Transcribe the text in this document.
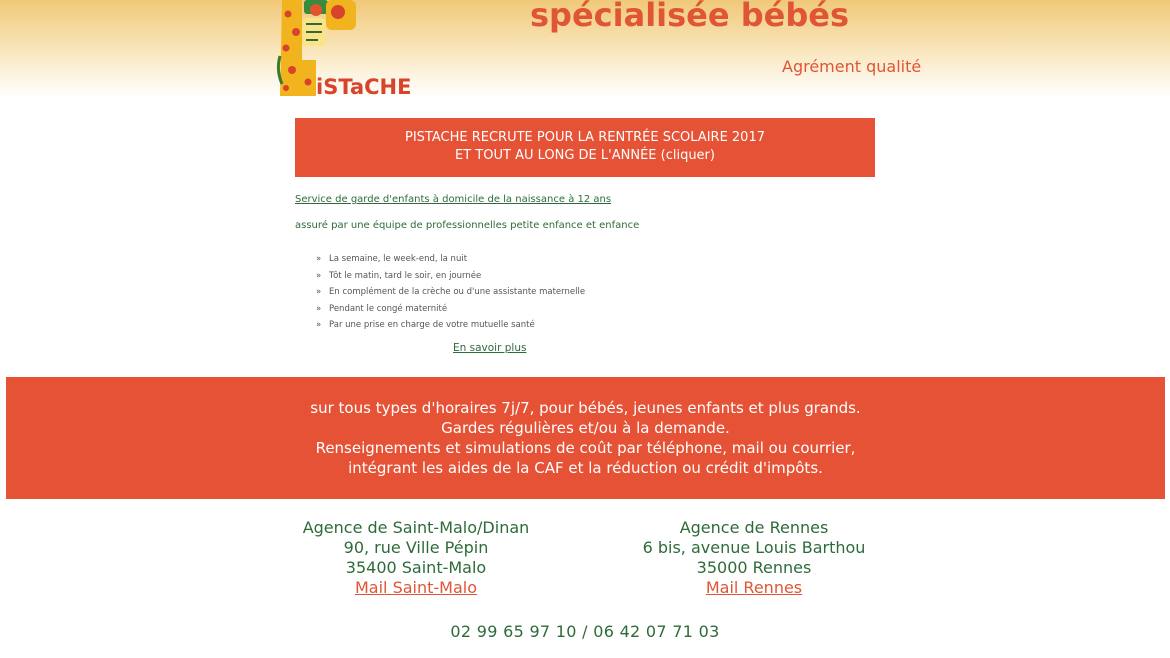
iSTaCHE
spécialisée bébés
Agrément qualité
PISTACHE RECRUTE POUR LA RENTRÉE SCOLAIRE 2017
ET TOUT AU LONG DE L'ANNÉE (cliquer)
Service de garde d'enfants à domicile de la naissance à 12 ans
assuré par une équipe de professionnelles petite enfance et enfance
» La semaine, le week-end, la nuit
» Tôt le matin, tard le soir, en journée
» En complément de la crèche ou d'une assistante maternelle
» Pendant le congé maternité
» Par une prise en charge de votre mutuelle santé
En savoir plus
sur tous types d'horaires 7j/7, pour bébés, jeunes enfants et plus grands.
Gardes régulières et/ou à la demande.
Renseignements et simulations de coût par téléphone, mail ou courrier,
intégrant les aides de la CAF et la réduction ou crédit d'impôts.
Agence de Saint-Malo/Dinan
90, rue Ville Pépin
35400 Saint-Malo
Mail Saint-Malo
Agence de Rennes
6 bis, avenue Louis Barthou
35000 Rennes
Mail Rennes
02 99 65 97 10 / 06 42 07 71 03
